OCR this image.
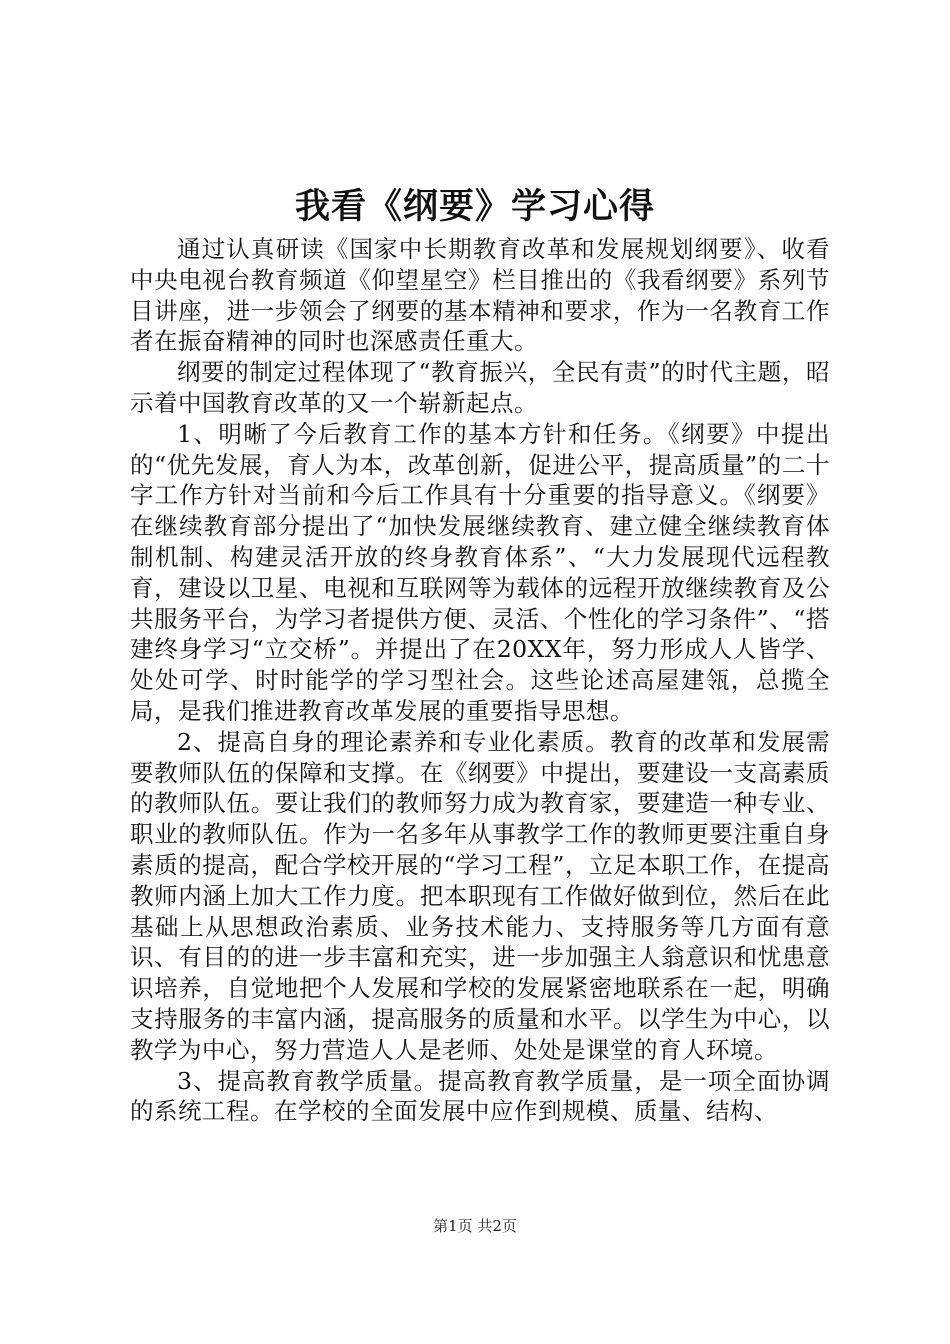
我看《纲要》学习心得

通过认真研读《国家中长期教育改革和发展规划纲要》、收看中央电视台教育频道《仰望星空》栏目推出的《我看纲要》系列节目讲座，进一步领会了纲要的基本精神和要求，作为一名教育工作者在振奋精神的同时也深感责任重大。

纲要的制定过程体现了“教育振兴，全民有责”的时代主题，昭示着中国教育改革的又一个崭新起点。

1、明晰了今后教育工作的基本方针和任务。《纲要》中提出的“优先发展，育人为本，改革创新，促进公平，提高质量”的二十字工作方针对当前和今后工作具有十分重要的指导意义。《纲要》在继续教育部分提出了“加快发展继续教育、建立健全继续教育体制机制、构建灵活开放的终身教育体系”、“大力发展现代远程教育，建设以卫星、电视和互联网等为载体的远程开放继续教育及公共服务平台，为学习者提供方便、灵活、个性化的学习条件”、“搭建终身学习“立交桥”。并提出了在20XX年，努力形成人人皆学、处处可学、时时能学的学习型社会。这些论述高屋建瓴，总揽全局，是我们推进教育改革发展的重要指导思想。

2、提高自身的理论素养和专业化素质。教育的改革和发展需要教师队伍的保障和支撑。在《纲要》中提出，要建设一支高素质的教师队伍。要让我们的教师努力成为教育家，要建造一种专业、职业的教师队伍。作为一名多年从事教学工作的教师更要注重自身素质的提高，配合学校开展的“学习工程”，立足本职工作，在提高教师内涵上加大工作力度。把本职现有工作做好做到位，然后在此基础上从思想政治素质、业务技术能力、支持服务等几方面有意识、有目的的进一步丰富和充实，进一步加强主人翁意识和忧患意识培养，自觉地把个人发展和学校的发展紧密地联系在一起，明确支持服务的丰富内涵，提高服务的质量和水平。以学生为中心，以教学为中心，努力营造人人是老师、处处是课堂的育人环境。

3、提高教育教学质量。提高教育教学质量，是一项全面协调的系统工程。在学校的全面发展中应作到规模、质量、结构、

第1页 共2页
